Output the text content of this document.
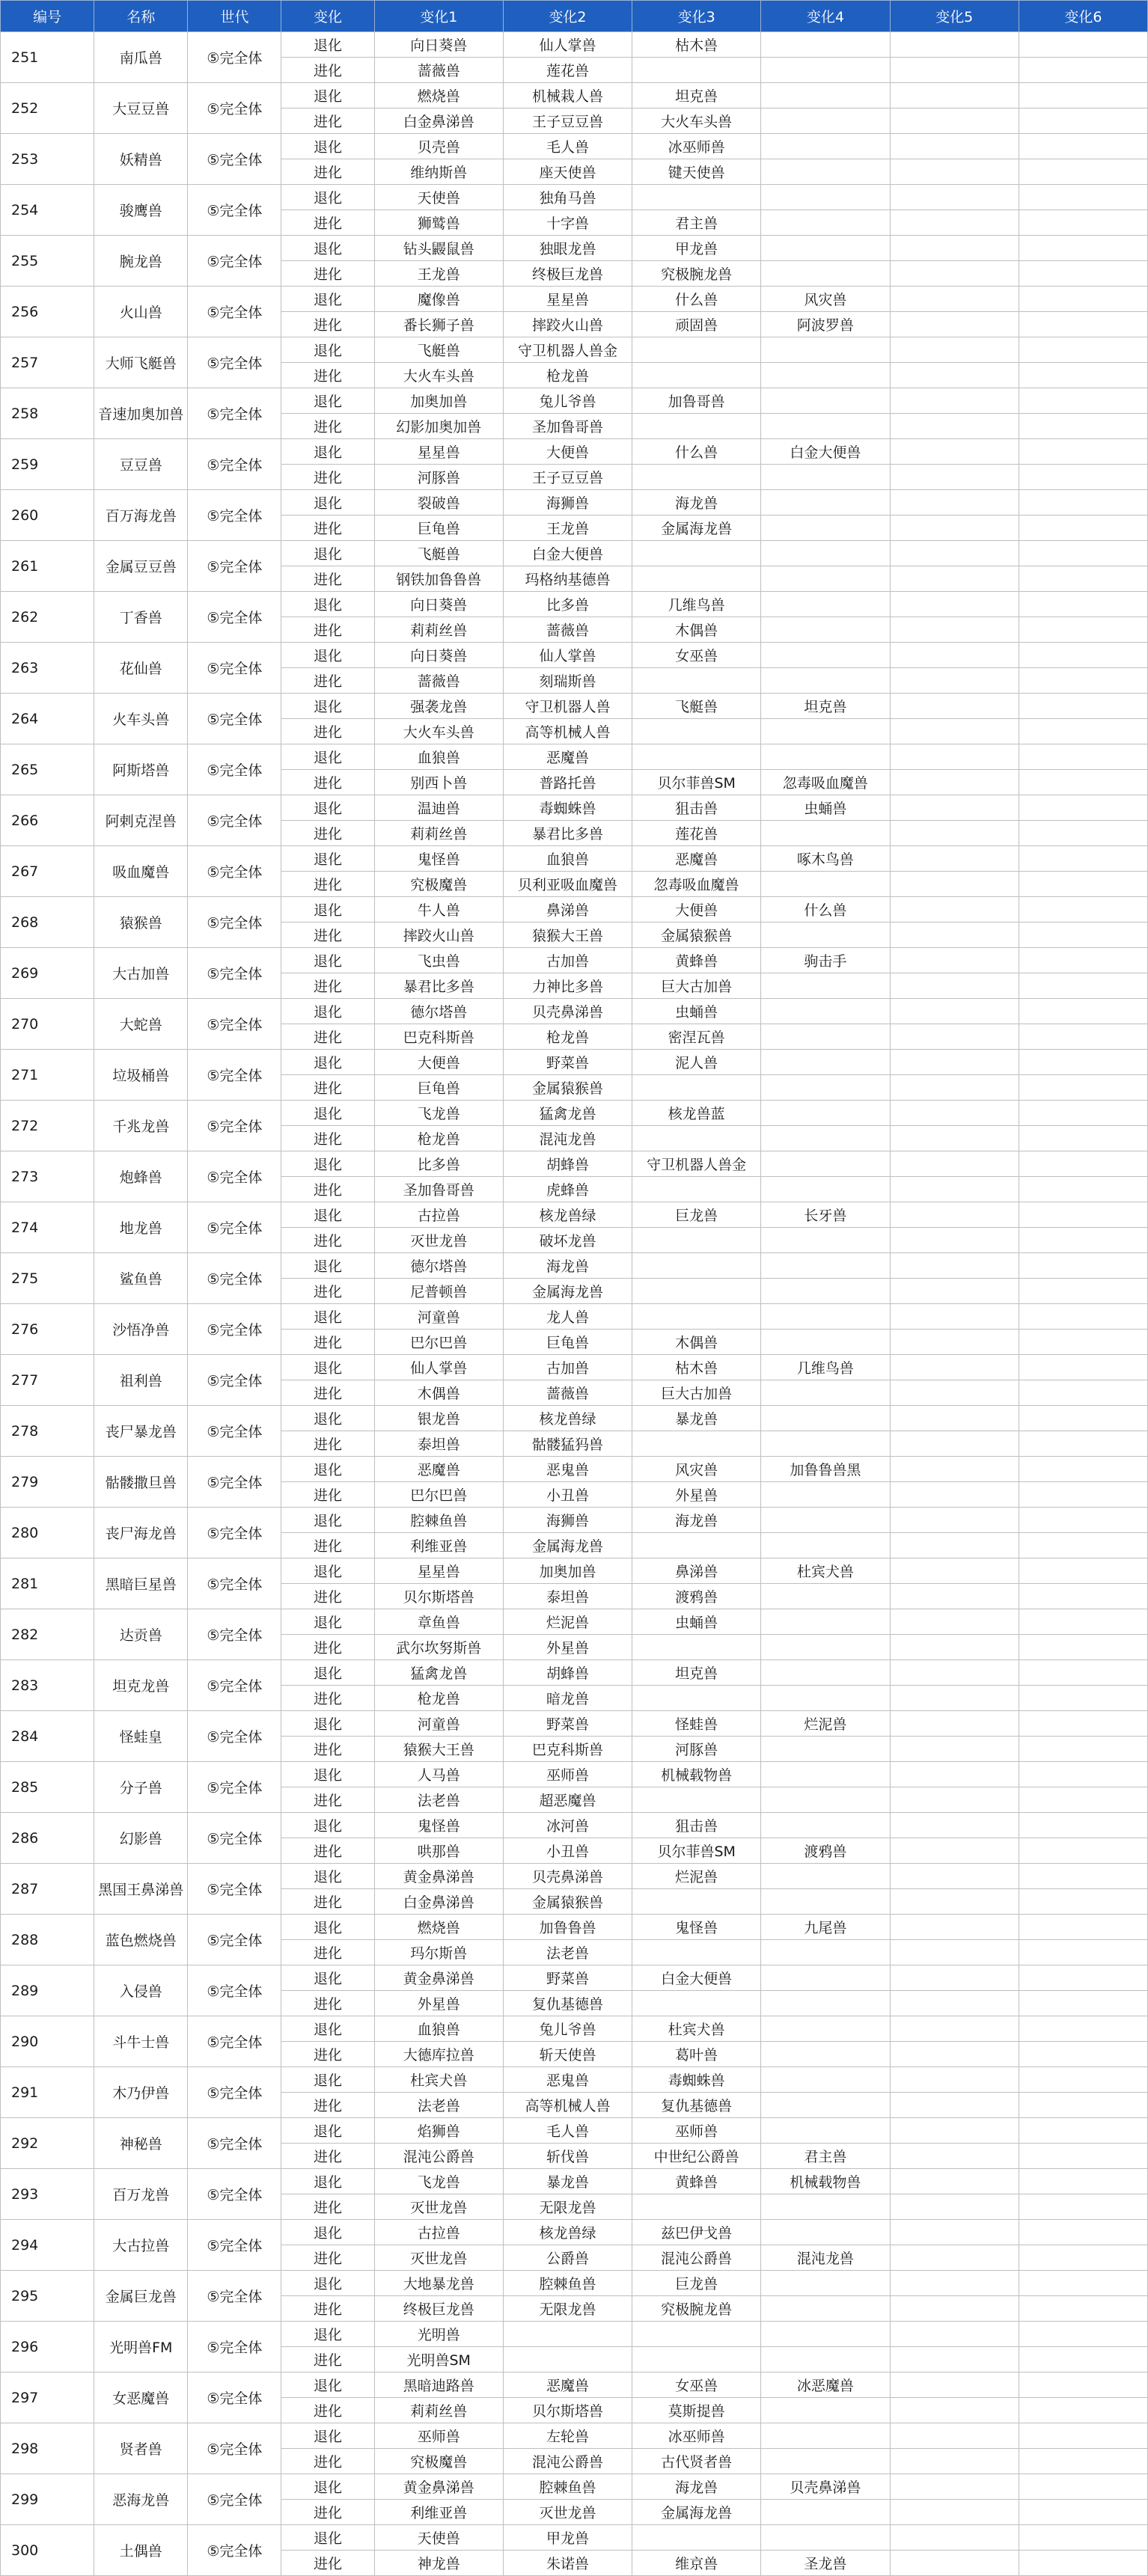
编号	名称	世代	变化	变化1	变化2	变化3	变化4	变化5	变化6
251	南瓜兽	⑤完全体	退化	向日葵兽	仙人掌兽	枯木兽			
			进化	蔷薇兽	莲花兽				
252	大豆豆兽	⑤完全体	退化	燃烧兽	机械栽人兽	坦克兽			
			进化	白金鼻涕兽	王子豆豆兽	大火车头兽			
253	妖精兽	⑤完全体	退化	贝壳兽	毛人兽	冰巫师兽			
			进化	维纳斯兽	座天使兽	键天使兽			
254	骏鹰兽	⑤完全体	退化	天使兽	独角马兽				
			进化	狮鹫兽	十字兽	君主兽			
255	腕龙兽	⑤完全体	退化	钻头鼹鼠兽	独眼龙兽	甲龙兽			
			进化	王龙兽	终极巨龙兽	究极腕龙兽			
256	火山兽	⑤完全体	退化	魔像兽	星星兽	什么兽	风灾兽		
			进化	番长狮子兽	摔跤火山兽	顽固兽	阿波罗兽		
257	大师飞艇兽	⑤完全体	退化	飞艇兽	守卫机器人兽金				
			进化	大火车头兽	枪龙兽				
258	音速加奥加兽	⑤完全体	退化	加奥加兽	兔儿爷兽	加鲁哥兽			
			进化	幻影加奥加兽	圣加鲁哥兽				
259	豆豆兽	⑤完全体	退化	星星兽	大便兽	什么兽	白金大便兽		
			进化	河豚兽	王子豆豆兽				
260	百万海龙兽	⑤完全体	退化	裂破兽	海狮兽	海龙兽			
			进化	巨龟兽	王龙兽	金属海龙兽			
261	金属豆豆兽	⑤完全体	退化	飞艇兽	白金大便兽				
			进化	钢铁加鲁鲁兽	玛格纳基德兽				
262	丁香兽	⑤完全体	退化	向日葵兽	比多兽	几维鸟兽			
			进化	莉莉丝兽	蔷薇兽	木偶兽			
263	花仙兽	⑤完全体	退化	向日葵兽	仙人掌兽	女巫兽			
			进化	蔷薇兽	刻瑞斯兽				
264	火车头兽	⑤完全体	退化	强袭龙兽	守卫机器人兽	飞艇兽	坦克兽		
			进化	大火车头兽	高等机械人兽				
265	阿斯塔兽	⑤完全体	退化	血狼兽	恶魔兽				
			进化	别西卜兽	普路托兽	贝尔菲兽SM	忽毒吸血魔兽		
266	阿剌克涅兽	⑤完全体	退化	温迪兽	毒蜘蛛兽	狙击兽	虫蛹兽		
			进化	莉莉丝兽	暴君比多兽	莲花兽			
267	吸血魔兽	⑤完全体	退化	鬼怪兽	血狼兽	恶魔兽	啄木鸟兽		
			进化	究极魔兽	贝利亚吸血魔兽	忽毒吸血魔兽			
268	猿猴兽	⑤完全体	退化	牛人兽	鼻涕兽	大便兽	什么兽		
			进化	摔跤火山兽	猿猴大王兽	金属猿猴兽			
269	大古加兽	⑤完全体	退化	飞虫兽	古加兽	黄蜂兽	驹击手		
			进化	暴君比多兽	力神比多兽	巨大古加兽			
270	大蛇兽	⑤完全体	退化	德尔塔兽	贝壳鼻涕兽	虫蛹兽			
			进化	巴克科斯兽	枪龙兽	密涅瓦兽			
271	垃圾桶兽	⑤完全体	退化	大便兽	野菜兽	泥人兽			
			进化	巨龟兽	金属猿猴兽				
272	千兆龙兽	⑤完全体	退化	飞龙兽	猛禽龙兽	核龙兽蓝			
			进化	枪龙兽	混沌龙兽				
273	炮蜂兽	⑤完全体	退化	比多兽	胡蜂兽	守卫机器人兽金			
			进化	圣加鲁哥兽	虎蜂兽				
274	地龙兽	⑤完全体	退化	古拉兽	核龙兽绿	巨龙兽	长牙兽		
			进化	灭世龙兽	破坏龙兽				
275	鲨鱼兽	⑤完全体	退化	德尔塔兽	海龙兽				
			进化	尼普顿兽	金属海龙兽				
276	沙悟净兽	⑤完全体	退化	河童兽	龙人兽				
			进化	巴尔巴兽	巨龟兽	木偶兽			
277	祖利兽	⑤完全体	退化	仙人掌兽	古加兽	枯木兽	几维鸟兽		
			进化	木偶兽	蔷薇兽	巨大古加兽			
278	丧尸暴龙兽	⑤完全体	退化	银龙兽	核龙兽绿	暴龙兽			
			进化	泰坦兽	骷髅猛犸兽				
279	骷髅撒旦兽	⑤完全体	退化	恶魔兽	恶鬼兽	风灾兽	加鲁鲁兽黑		
			进化	巴尔巴兽	小丑兽	外星兽			
280	丧尸海龙兽	⑤完全体	退化	腔棘鱼兽	海狮兽	海龙兽			
			进化	利维亚兽	金属海龙兽				
281	黑暗巨星兽	⑤完全体	退化	星星兽	加奥加兽	鼻涕兽	杜宾犬兽		
			进化	贝尔斯塔兽	泰坦兽	渡鸦兽			
282	达贡兽	⑤完全体	退化	章鱼兽	烂泥兽	虫蛹兽			
			进化	武尔坎努斯兽	外星兽				
283	坦克龙兽	⑤完全体	退化	猛禽龙兽	胡蜂兽	坦克兽			
			进化	枪龙兽	暗龙兽				
284	怪蛙皇	⑤完全体	退化	河童兽	野菜兽	怪蛙兽	烂泥兽		
			进化	猿猴大王兽	巴克科斯兽	河豚兽			
285	分子兽	⑤完全体	退化	人马兽	巫师兽	机械载物兽			
			进化	法老兽	超恶魔兽				
286	幻影兽	⑤完全体	退化	鬼怪兽	冰河兽	狙击兽			
			进化	哄那兽	小丑兽	贝尔菲兽SM	渡鸦兽		
287	黑国王鼻涕兽	⑤完全体	退化	黄金鼻涕兽	贝壳鼻涕兽	烂泥兽			
			进化	白金鼻涕兽	金属猿猴兽				
288	蓝色燃烧兽	⑤完全体	退化	燃烧兽	加鲁鲁兽	鬼怪兽	九尾兽		
			进化	玛尔斯兽	法老兽				
289	入侵兽	⑤完全体	退化	黄金鼻涕兽	野菜兽	白金大便兽			
			进化	外星兽	复仇基德兽				
290	斗牛士兽	⑤完全体	退化	血狼兽	兔儿爷兽	杜宾犬兽			
			进化	大德库拉兽	斩天使兽	葛叶兽			
291	木乃伊兽	⑤完全体	退化	杜宾犬兽	恶鬼兽	毒蜘蛛兽			
			进化	法老兽	高等机械人兽	复仇基德兽			
292	神秘兽	⑤完全体	退化	焰狮兽	毛人兽	巫师兽			
			进化	混沌公爵兽	斩伐兽	中世纪公爵兽	君主兽		
293	百万龙兽	⑤完全体	退化	飞龙兽	暴龙兽	黄蜂兽	机械载物兽		
			进化	灭世龙兽	无限龙兽				
294	大古拉兽	⑤完全体	退化	古拉兽	核龙兽绿	兹巴伊戈兽			
			进化	灭世龙兽	公爵兽	混沌公爵兽	混沌龙兽		
295	金属巨龙兽	⑤完全体	退化	大地暴龙兽	腔棘鱼兽	巨龙兽			
			进化	终极巨龙兽	无限龙兽	究极腕龙兽			
296	光明兽FM	⑤完全体	退化	光明兽					
			进化	光明兽SM					
297	女恶魔兽	⑤完全体	退化	黑暗迪路兽	恶魔兽	女巫兽	冰恶魔兽		
			进化	莉莉丝兽	贝尔斯塔兽	莫斯提兽			
298	贤者兽	⑤完全体	退化	巫师兽	左轮兽	冰巫师兽			
			进化	究极魔兽	混沌公爵兽	古代贤者兽			
299	恶海龙兽	⑤完全体	退化	黄金鼻涕兽	腔棘鱼兽	海龙兽	贝壳鼻涕兽		
			进化	利维亚兽	灭世龙兽	金属海龙兽			
300	土偶兽	⑤完全体	退化	天使兽	甲龙兽				
			进化	神龙兽	朱诺兽	维京兽	圣龙兽		
